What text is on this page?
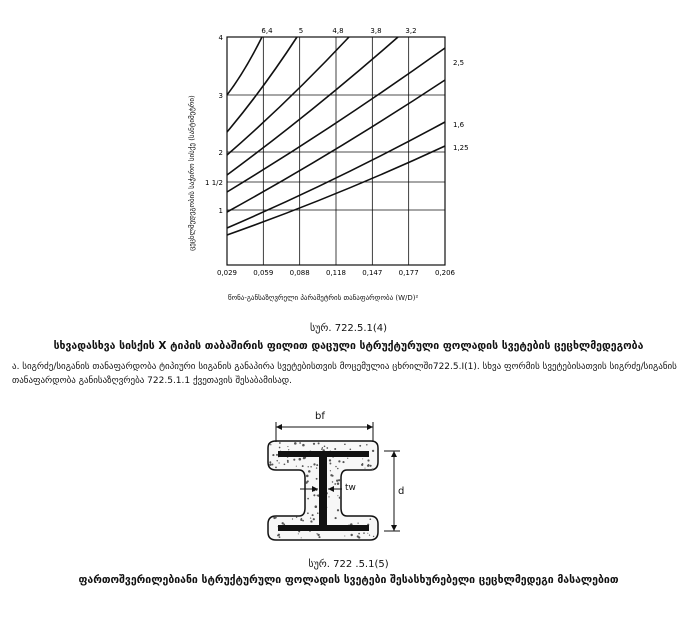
0,029 0,059 0,088 0,118 0,147 0,177 0,206
1
1 1/2
2
3
4
6,4	5	4,8	3,8	3,2
2,5
1,6
1,25
ცეცხლმედეგობის საჭირო სისქე (სანტიმეტრი)
წონა-განსაზღვრელი პარამეტრის თანაფარდობა (W/D)²
სურ. 722.5.1(4)
სხვადასხვა სისქის X ტიპის თაბაშირის ფილით დაცული სტრუქტურული ფოლადის სვეტების ცეცხლმედეგობა
ა. სიგრძე/სიგანის თანაფარდობა ტიპიური სიგანის განაპირა სვეტებისთვის მოცემულია ცხრილში722.5.I(1). სხვა ფორმის სვეტებისათვის სიგრძე/სიგანის თანაფარდობა განისაზღვრება 722.5.1.1 ქვეთავის შესაბამისად.
bf
tw	d
სურ. 722 .5.1(5)
ფართოშვერილებიანი სტრუქტურული ფოლადის სვეტები შესასხურებელი ცეცხლმედეგი მასალებით
